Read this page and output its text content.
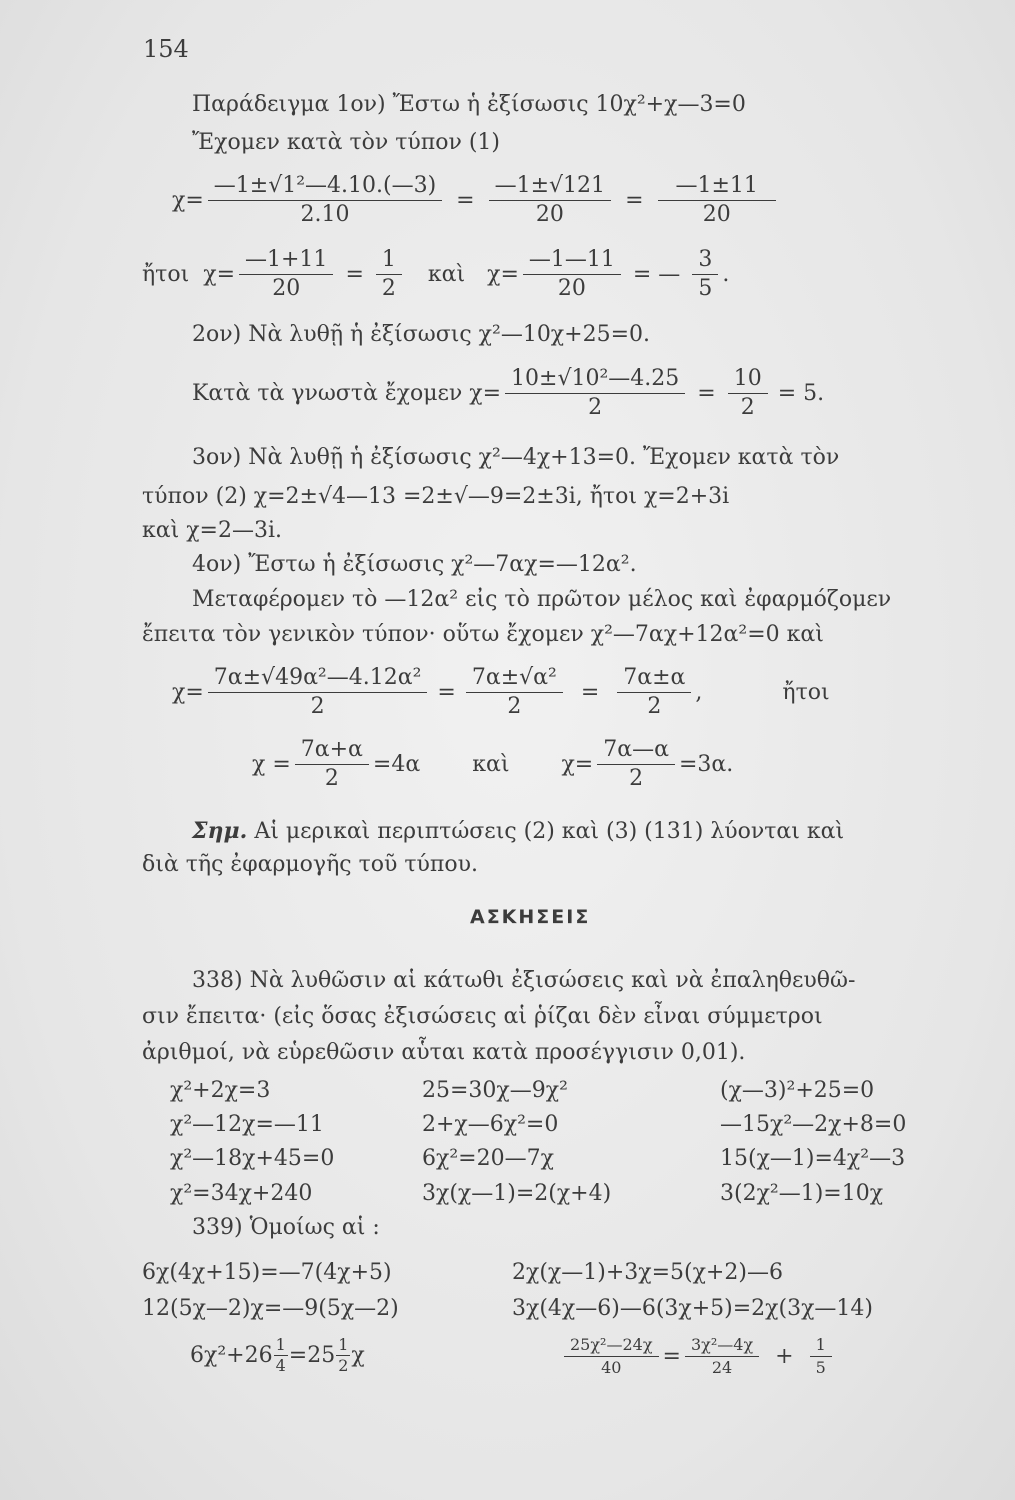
154
Παράδειγμα 1ον) Ἔστω ἡ ἐξίσωσις 10χ²+χ—3=0
Ἔχομεν κατὰ τὸν τύπον (1)
$\chi= \frac{\text{—1±√1²—4.10.(—3)}}{2.10} = \frac{—1\pm√121}{20} = \frac{—1\pm 11}{20}$
ἤτοι $\chi= \frac{—1+11}{20} = \frac{1}{2}$ καὶ $\chi= \frac{—1—11}{20}$ = — $\frac{3}{5}$ .
2ον) Νὰ λυθῇ ἡ ἐξίσωσις χ²—10χ+25=0.
Κατὰ τὰ γνωστὰ ἔχομεν $\chi= \frac{\text{10±√10²—4.25}}{2} = \frac{10}{2} = 5$.
3ον) Νὰ λυθῇ ἡ ἐξίσωσις χ²—4χ+13=0. Ἔχομεν κατὰ τὸν
τύπον (2) χ=2±√4—13 =2±√—9=2±3i, ἤτοι χ=2+3i
καὶ χ=2—3i.
4ον) Ἔστω ἡ ἐξίσωσις χ²—7αχ=—12α².
Μεταφέρομεν τὸ —12α² εἰς τὸ πρῶτον μέλος καὶ ἐφαρμόζομεν
ἔπειτα τὸν γενικὸν τύπον· οὕτω ἔχομεν χ²—7αχ+12α²=0 καὶ
$\chi= \frac{\text{7α±√49α²—4.12α²}}{2} = \frac{\text{7α±√α²}}{2} = \frac{7\alpha\pm\alpha}{2}$ ,	ἤτοι
$\chi = \frac{7\alpha+\alpha}{2} =4\alpha$ καὶ $\chi= \frac{7\alpha—\alpha}{2} =3\alpha$.
Σημ. Αἱ μερικαὶ περιπτώσεις (2) καὶ (3) (131) λύονται καὶ
διὰ τῆς ἐφαρμογῆς τοῦ τύπου.
ΑΣΚΗΣΕΙΣ
338) Νὰ λυθῶσιν αἱ κάτωθι ἐξισώσεις καὶ νὰ ἐπαληθευθῶ-
σιν ἔπειτα· (εἰς ὅσας ἐξισώσεις αἱ ῥίζαι δὲν εἶναι σύμμετροι
ἀριθμοί, νὰ εὑρεθῶσιν αὗται κατὰ προσέγγισιν 0,01).
χ²+2χ=3	25=30χ—9χ²	(χ—3)²+25=0
χ²—12χ=—11	2+χ—6χ²=0	—15χ²—2χ+8=0
χ²—18χ+45=0	6χ²=20—7χ	15(χ—1)=4χ²—3
χ²=34χ+240	3χ(χ—1)=2(χ+4)	3(2χ²—1)=10χ
339) Ὁμοίως αἱ :
6χ(4χ+15)=—7(4χ+5)	2χ(χ—1)+3χ=5(χ+2)—6
12(5χ—2)χ=—9(5χ—2)	3χ(4χ—6)—6(3χ+5)=2χ(3χ—14)
$6\chi^2+26 \frac{1}{4} =25 \frac{1}{2}$ χ	$\frac{\text{25χ²—24χ}}{40} = \frac{\text{3χ²—4χ}}{24} + \frac{1}{5}$
